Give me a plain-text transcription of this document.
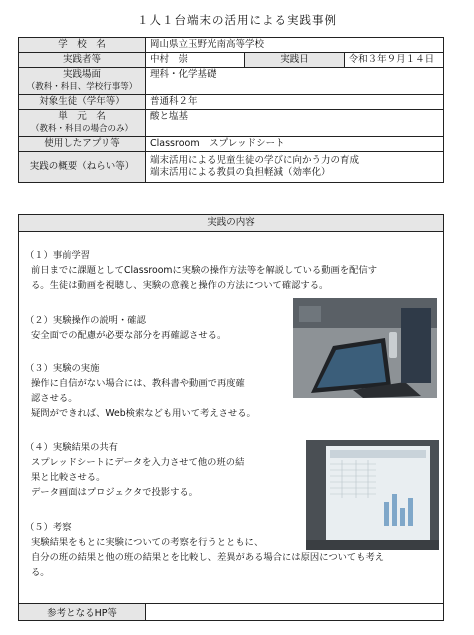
１人１台端末の活用による実践事例
学　校　名	岡山県立玉野光南高等学校		
実践者等	中村　崇	実践日	令和３年９月１４日
実践場面
（教科・科目、学校行事等）	理科・化学基礎		
対象生徒（学年等）	普通科２年		
単　元　名
（教科・科目の場合のみ）	酸と塩基		
使用したアプリ等	Classroom　スプレッドシート		
実践の概要（ねらい等）	端末活用による児童生徒の学びに向かう力の育成
端末活用による教員の負担軽減（効率化）		
実践の内容

（１）事前学習

前日までに課題としてClassroomに実験の操作方法等を解説している動画を配信す

る。生徒は動画を視聴し、実験の意義と操作の方法について確認する。

（２）実験操作の説明・確認

安全面での配慮が必要な部分を再確認させる。

（３）実験の実施

操作に自信がない場合には、教科書や動画で再度確

認させる。

疑問ができれば、Web検索なども用いて考えさせる。

（４）実験結果の共有

スプレッドシートにデータを入力させて他の班の結

果と比較させる。

データ画面はプロジェクタで投影する。

（５）考察

実験結果をもとに実験についての考察を行うとともに、

自分の班の結果と他の班の結果とを比較し、差異がある場合には原因についても考え

る。

参考となるHP等	
